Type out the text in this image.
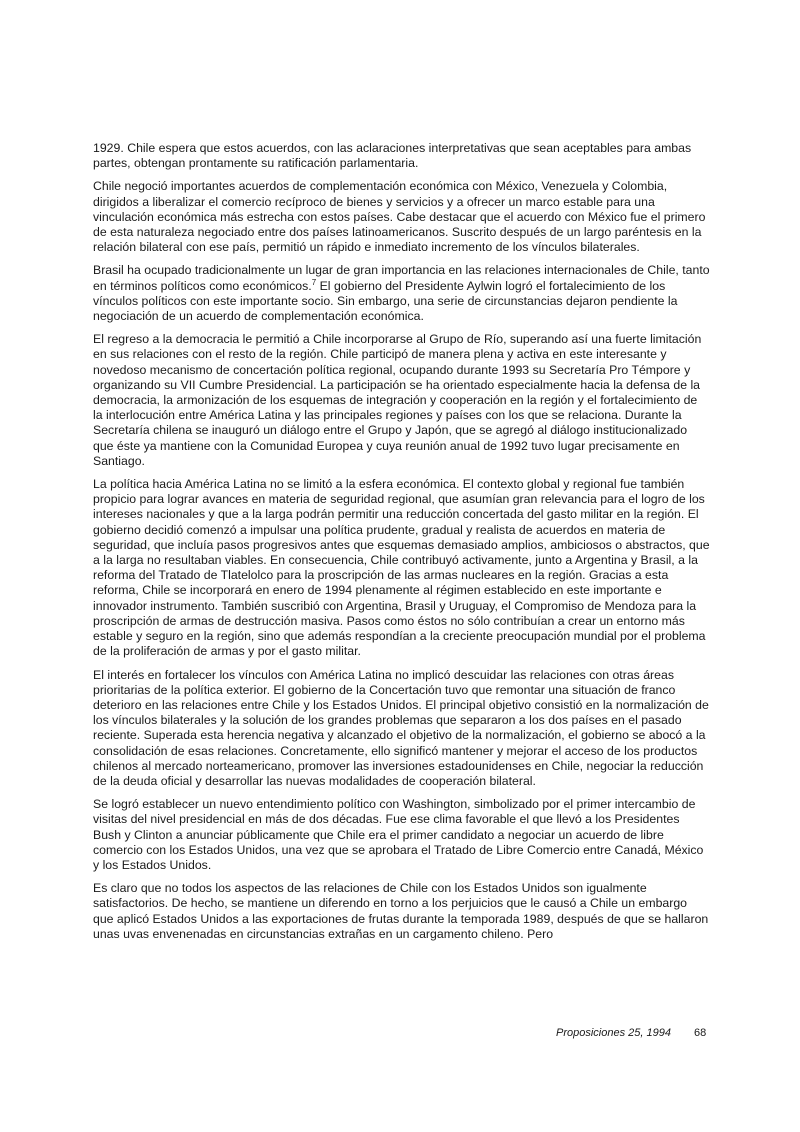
1929. Chile espera que estos acuerdos, con las aclaraciones interpretativas que sean aceptables para ambas partes, obtengan prontamente su ratificación parlamentaria.

Chile negoció importantes acuerdos de complementación económica con México, Venezuela y Colombia, dirigidos a liberalizar el comercio recíproco de bienes y servicios y a ofrecer un marco estable para una vinculación económica más estrecha con estos países. Cabe destacar que el acuerdo con México fue el primero de esta naturaleza negociado entre dos países latinoamericanos. Suscrito después de un largo paréntesis en la relación bilateral con ese país, permitió un rápido e inmediato incremento de los vínculos bilaterales.

Brasil ha ocupado tradicionalmente un lugar de gran importancia en las relaciones internacionales de Chile, tanto en términos políticos como económicos.$^7$ El gobierno del Presidente Aylwin logró el fortalecimiento de los vínculos políticos con este importante socio. Sin embargo, una serie de circunstancias dejaron pendiente la negociación de un acuerdo de complementación económica.

El regreso a la democracia le permitió a Chile incorporarse al Grupo de Río, superando así una fuerte limitación en sus relaciones con el resto de la región. Chile participó de manera plena y activa en este interesante y novedoso mecanismo de concertación política regional, ocupando durante 1993 su Secretaría Pro Témpore y organizando su VII Cumbre Presidencial. La participación se ha orientado especialmente hacia la defensa de la democracia, la armonización de los esquemas de integración y cooperación en la región y el fortalecimiento de la interlocución entre América Latina y las principales regiones y países con los que se relaciona. Durante la Secretaría chilena se inauguró un diálogo entre el Grupo y Japón, que se agregó al diálogo institucionalizado que éste ya mantiene con la Comunidad Europea y cuya reunión anual de 1992 tuvo lugar precisamente en Santiago.

La política hacia América Latina no se limitó a la esfera económica. El contexto global y regional fue también propicio para lograr avances en materia de seguridad regional, que asumían gran relevancia para el logro de los intereses nacionales y que a la larga podrán permitir una reducción concertada del gasto militar en la región. El gobierno decidió comenzó a impulsar una política prudente, gradual y realista de acuerdos en materia de seguridad, que incluía pasos progresivos antes que esquemas demasiado amplios, ambiciosos o abstractos, que a la larga no resultaban viables. En consecuencia, Chile contribuyó activamente, junto a Argentina y Brasil, a la reforma del Tratado de Tlatelolco para la proscripción de las armas nucleares en la región. Gracias a esta reforma, Chile se incorporará en enero de 1994 plenamente al régimen establecido en este importante e innovador instrumento. También suscribió con Argentina, Brasil y Uruguay, el Compromiso de Mendoza para la proscripción de armas de destrucción masiva. Pasos como éstos no sólo contribuían a crear un entorno más estable y seguro en la región, sino que además respondían a la creciente preocupación mundial por el problema de la proliferación de armas y por el gasto militar.

El interés en fortalecer los vínculos con América Latina no implicó descuidar las relaciones con otras áreas prioritarias de la política exterior. El gobierno de la Concertación tuvo que remontar una situación de franco deterioro en las relaciones entre Chile y los Estados Unidos. El principal objetivo consistió en la normalización de los vínculos bilaterales y la solución de los grandes problemas que separaron a los dos países en el pasado reciente. Superada esta herencia negativa y alcanzado el objetivo de la normalización, el gobierno se abocó a la consolidación de esas relaciones. Concretamente, ello significó mantener y mejorar el acceso de los productos chilenos al mercado norteamericano, promover las inversiones estadounidenses en Chile, negociar la reducción de la deuda oficial y desarrollar las nuevas modalidades de cooperación bilateral.

Se logró establecer un nuevo entendimiento político con Washington, simbolizado por el primer intercambio de visitas del nivel presidencial en más de dos décadas. Fue ese clima favorable el que llevó a los Presidentes Bush y Clinton a anunciar públicamente que Chile era el primer candidato a negociar un acuerdo de libre comercio con los Estados Unidos, una vez que se aprobara el Tratado de Libre Comercio entre Canadá, México y los Estados Unidos.

Es claro que no todos los aspectos de las relaciones de Chile con los Estados Unidos son igualmente satisfactorios. De hecho, se mantiene un diferendo en torno a los perjuicios que le causó a Chile un embargo que aplicó Estados Unidos a las exportaciones de frutas durante la temporada 1989, después de que se hallaron unas uvas envenenadas en circunstancias extrañas en un cargamento chileno. Pero

Proposiciones 25, 1994 68
